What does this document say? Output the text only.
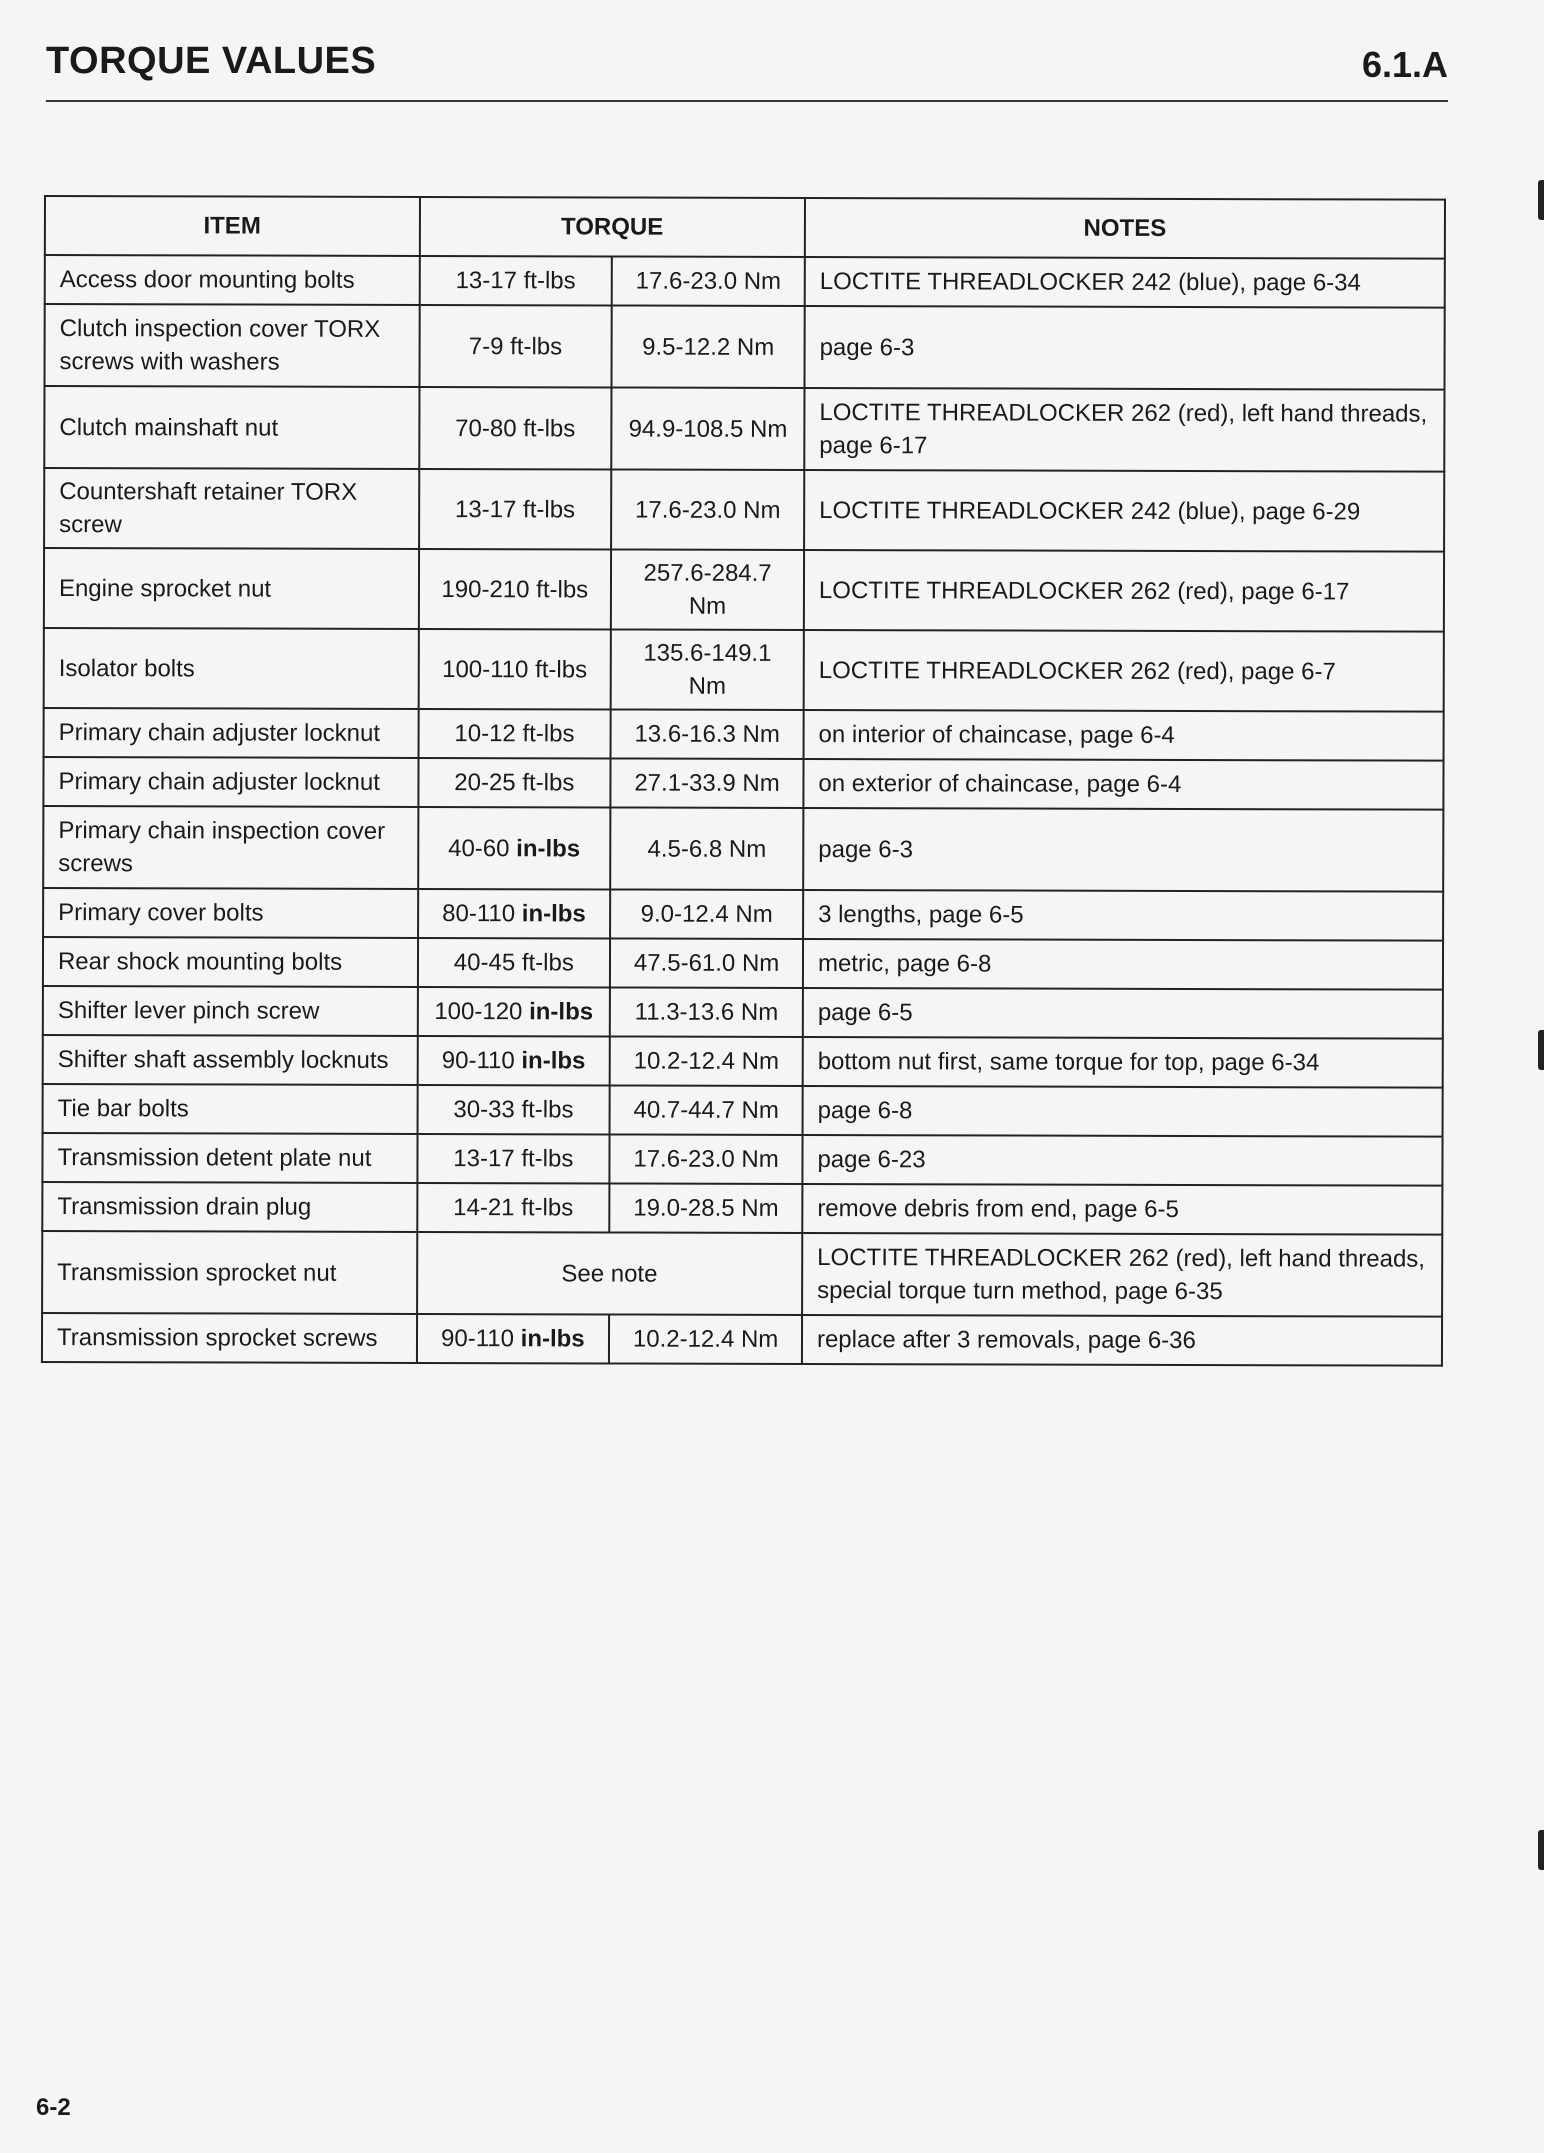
TORQUE VALUES	6.1.A
ITEM	TORQUE		NOTES
Access door mounting bolts	13-17 ft-lbs	17.6-23.0 Nm	LOCTITE THREADLOCKER 242 (blue), page 6-34
Clutch inspection cover TORX screws with washers	7-9 ft-lbs	9.5-12.2 Nm	page 6-3
Clutch mainshaft nut	70-80 ft-lbs	94.9-108.5 Nm	LOCTITE THREADLOCKER 262 (red), left hand threads, page 6-17
Countershaft retainer TORX screw	13-17 ft-lbs	17.6-23.0 Nm	LOCTITE THREADLOCKER 242 (blue), page 6-29
Engine sprocket nut	190-210 ft-lbs	257.6-284.7 Nm	LOCTITE THREADLOCKER 262 (red), page 6-17
Isolator bolts	100-110 ft-lbs	135.6-149.1 Nm	LOCTITE THREADLOCKER 262 (red), page 6-7
Primary chain adjuster locknut	10-12 ft-lbs	13.6-16.3 Nm	on interior of chaincase, page 6-4
Primary chain adjuster locknut	20-25 ft-lbs	27.1-33.9 Nm	on exterior of chaincase, page 6-4
Primary chain inspection cover screws	40-60 in-lbs	4.5-6.8 Nm	page 6-3
Primary cover bolts	80-110 in-lbs	9.0-12.4 Nm	3 lengths, page 6-5
Rear shock mounting bolts	40-45 ft-lbs	47.5-61.0 Nm	metric, page 6-8
Shifter lever pinch screw	100-120 in-lbs	11.3-13.6 Nm	page 6-5
Shifter shaft assembly locknuts	90-110 in-lbs	10.2-12.4 Nm	bottom nut first, same torque for top, page 6-34
Tie bar bolts	30-33 ft-lbs	40.7-44.7 Nm	page 6-8
Transmission detent plate nut	13-17 ft-lbs	17.6-23.0 Nm	page 6-23
Transmission drain plug	14-21 ft-lbs	19.0-28.5 Nm	remove debris from end, page 6-5
Transmission sprocket nut	See note		LOCTITE THREADLOCKER 262 (red), left hand threads, special torque turn method, page 6-35
Transmission sprocket screws	90-110 in-lbs	10.2-12.4 Nm	replace after 3 removals, page 6-36
6-2
